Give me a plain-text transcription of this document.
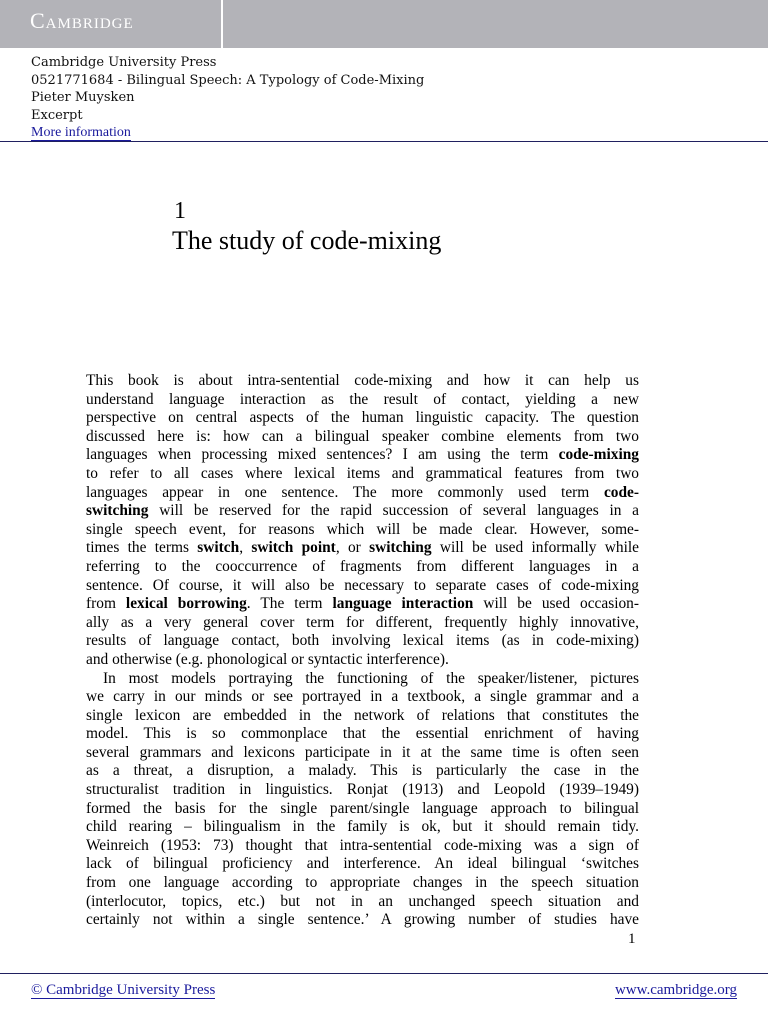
Cambridge
Cambridge University Press
0521771684 - Bilingual Speech: A Typology of Code-Mixing
Pieter Muysken
Excerpt
More information
1
The study of code-mixing
This book is about intra-sentential code-mixing and how it can help us
understand language interaction as the result of contact, yielding a new
perspective on central aspects of the human linguistic capacity. The question
discussed here is: how can a bilingual speaker combine elements from two
languages when processing mixed sentences? I am using the term code-mixing
to refer to all cases where lexical items and grammatical features from two
languages appear in one sentence. The more commonly used term code-
switching will be reserved for the rapid succession of several languages in a
single speech event, for reasons which will be made clear. However, some-
times the terms switch, switch point, or switching will be used informally while
referring to the cooccurrence of fragments from different languages in a
sentence. Of course, it will also be necessary to separate cases of code-mixing
from lexical borrowing. The term language interaction will be used occasion-
ally as a very general cover term for different, frequently highly innovative,
results of language contact, both involving lexical items (as in code-mixing)
and otherwise (e.g. phonological or syntactic interference).
In most models portraying the functioning of the speaker/listener, pictures
we carry in our minds or see portrayed in a textbook, a single grammar and a
single lexicon are embedded in the network of relations that constitutes the
model. This is so commonplace that the essential enrichment of having
several grammars and lexicons participate in it at the same time is often seen
as a threat, a disruption, a malady. This is particularly the case in the
structuralist tradition in linguistics. Ronjat (1913) and Leopold (1939–1949)
formed the basis for the single parent/single language approach to bilingual
child rearing – bilingualism in the family is ok, but it should remain tidy.
Weinreich (1953: 73) thought that intra-sentential code-mixing was a sign of
lack of bilingual proficiency and interference. An ideal bilingual ‘switches
from one language according to appropriate changes in the speech situation
(interlocutor, topics, etc.) but not in an unchanged speech situation and
certainly not within a single sentence.’ A growing number of studies have
1
© Cambridge University Press	www.cambridge.org
